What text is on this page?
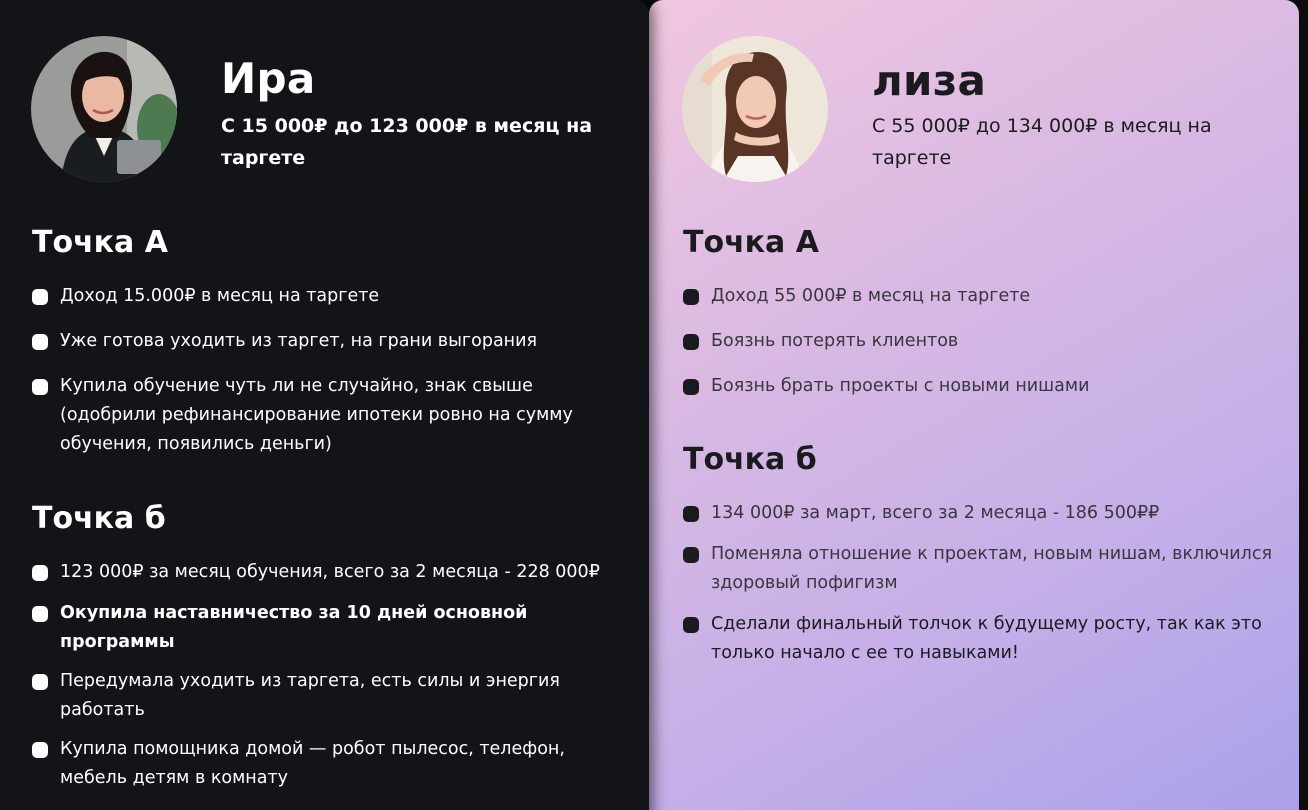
Ира

С 15 000₽ до 123 000₽ в месяц на таргете

Точка А
Доход 15.000₽ в месяц на таргете
Уже готова уходить из таргет, на грани выгорания
Купила обучение чуть ли не случайно, знак свыше (одобрили рефинансирование ипотеки ровно на сумму обучения, появились деньги)
Точка б
123 000₽ за месяц обучения, всего за 2 месяца - 228 000₽
Окупила наставничество за 10 дней основной программы
Передумала уходить из таргета, есть силы и энергия работать
Купила помощника домой — робот пылесос, телефон, мебель детям в комнату
лиза

С 55 000₽ до 134 000₽ в месяц на таргете

Точка А
Доход 55 000₽ в месяц на таргете
Боязнь потерять клиентов
Боязнь брать проекты с новыми нишами
Точка б
134 000₽ за март, всего за 2 месяца - 186 500₽₽
Поменяла отношение к проектам, новым нишам, включился здоровый пофигизм
Сделали финальный толчок к будущему росту, так как это только начало с ее то навыками!
